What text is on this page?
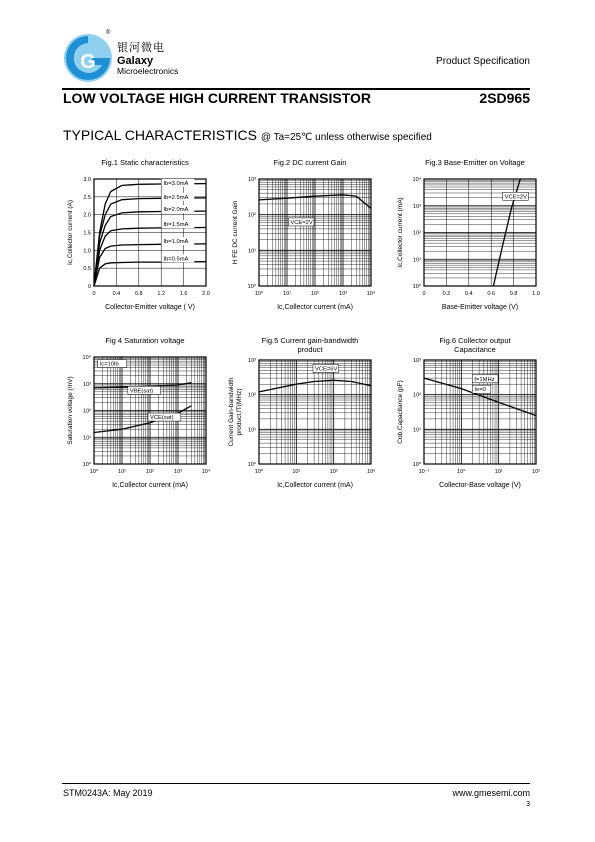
G
®
银河微电
Galaxy
Microelectronics
Product Specification
LOW VOLTAGE HIGH CURRENT TRANSISTOR	2SD965
TYPICAL CHARACTERISTICS @ Ta=25℃ unless otherwise specified
Fig.1 Static characteristics
0	0.4	0.8	1.2	1.6	2.0
0
0.5
1.0
1.5
2.0
2.5
3.0
Collector-Emitter voltage ( V)
Ic,Collector current (A)
Ib=3.0mA
Ib=2.5mA
Ib=2.0mA
Ib=1.5mA
Ib=1.0mA
Ib=0.5mA
Fig.2 DC current Gain
10⁰	10¹	10²	10³	10⁴
10⁰
10¹
10²
10³
Ic,Collector current (mA)
H FE DC current Gain	VCE=2V
Fig.3 Base-Emitter on Voltage
0	0.2	0.4	0.6	0.8	1.0
10⁰
10¹
10²
10³
10⁴
Base-Emitter voltage (V)
Ic,Collector current (mA)
VCE=2V
Fig 4 Saturation voltage
10⁰	10¹	10²	10³	10⁴
10⁰
10¹
10²
10³
10⁴
Ic,Collector current (mA)
Saturation voltage (mV)
Ic=10Ib
VBE(sat)
VCE(sat)
Fig.5 Current gain-bandwidth
product
10⁰	10¹	10²	10³
10⁰
10¹
10²
10³
Ic,Collector current (mA)
Current Gain-bandwidth product,fT(MHz)
VCE=6V
Fig.6 Collector output
Capacitance
10⁻¹	10⁰	10¹	10²
10⁰
10¹
10²
10³
Collector-Base voltage (V)
Cob,Capacitance (pF)
f=1MHz
Ie=0
STM0243A: May 2019	www.gmesemi.com
3
